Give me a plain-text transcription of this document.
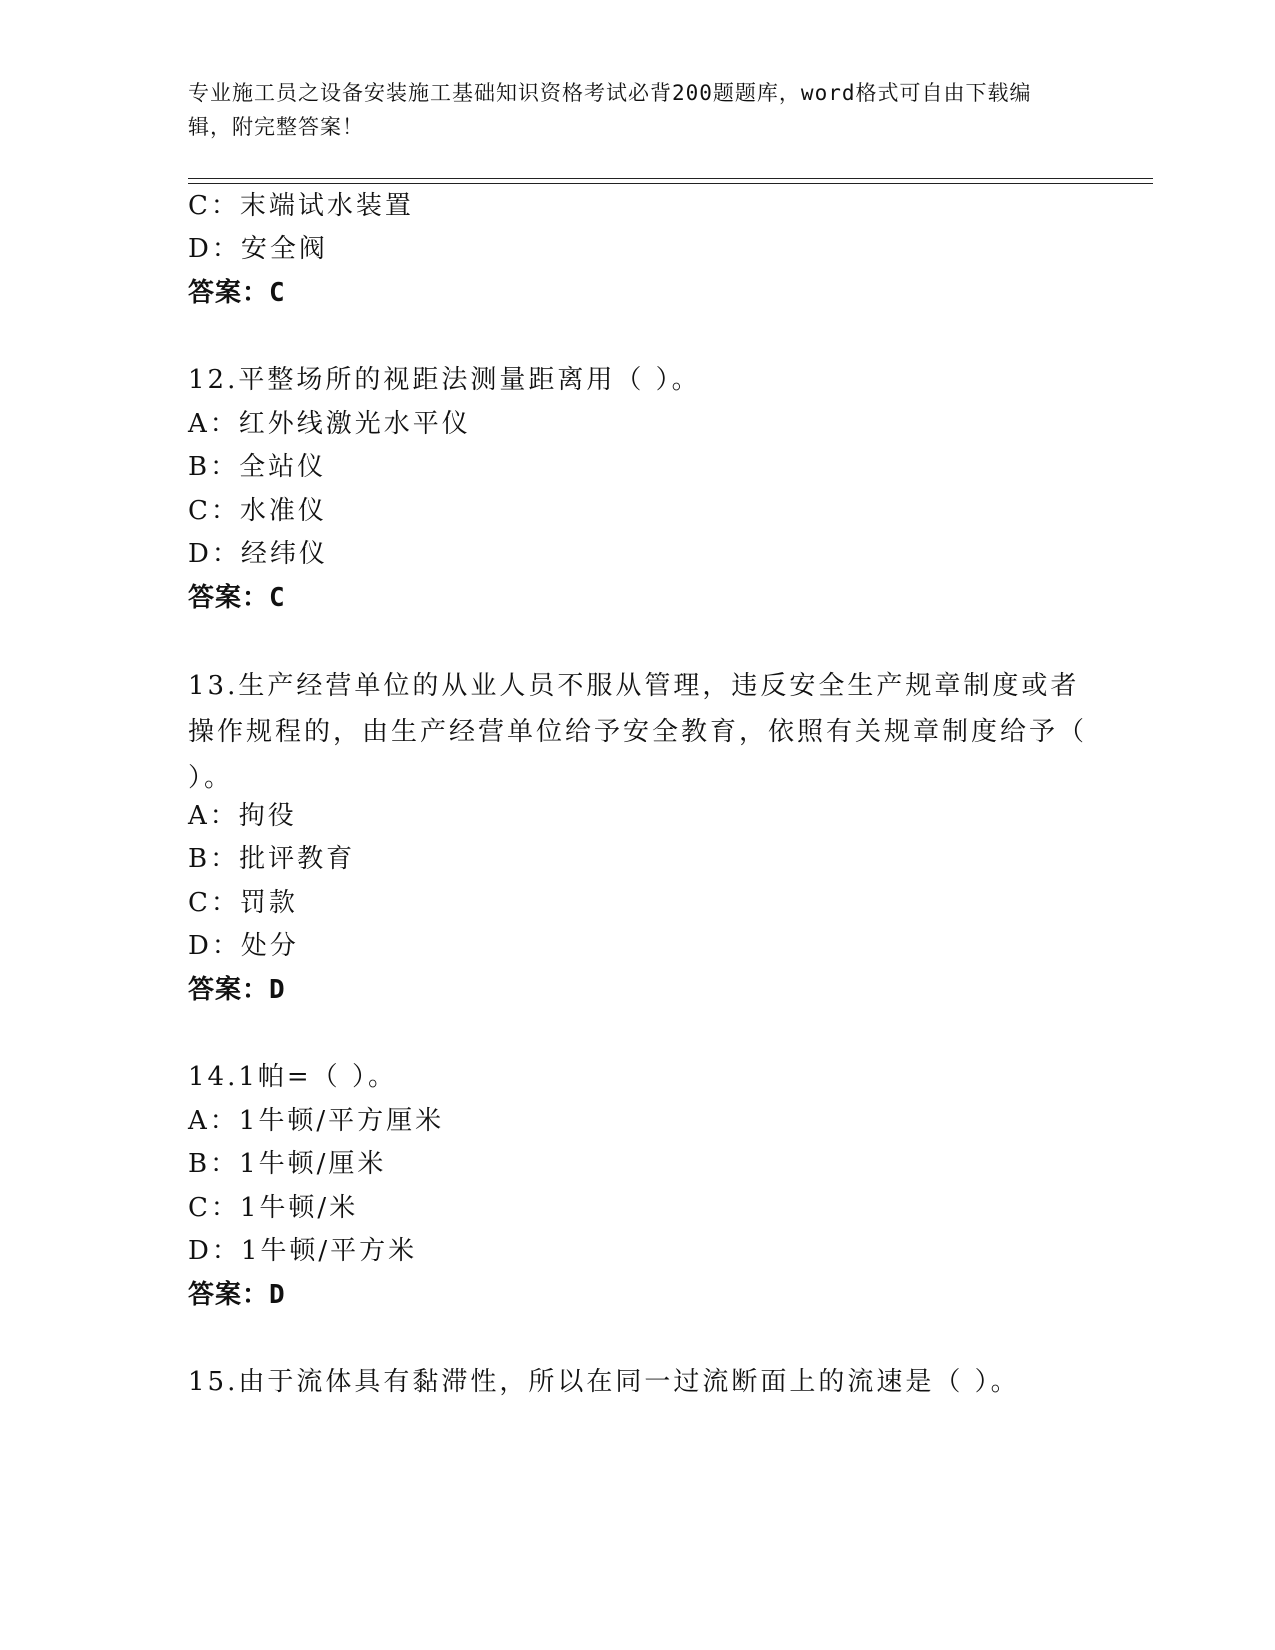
专业施工员之设备安装施工基础知识资格考试必背200题题库，word格式可自由下载编辑，附完整答案！
C：末端试水装置
D：安全阀
答案：C
12.平整场所的视距法测量距离用（ ）。
A：红外线激光水平仪
B：全站仪
C：水准仪
D：经纬仪
答案：C
13.生产经营单位的从业人员不服从管理，违反安全生产规章制度或者操作规程的，由生产经营单位给予安全教育，依照有关规章制度给予（ ）。
A：拘役
B：批评教育
C：罚款
D：处分
答案：D
14.1帕=（ ）。
A：1牛顿/平方厘米
B：1牛顿/厘米
C：1牛顿/米
D：1牛顿/平方米
答案：D
15.由于流体具有黏滞性，所以在同一过流断面上的流速是（ ）。
